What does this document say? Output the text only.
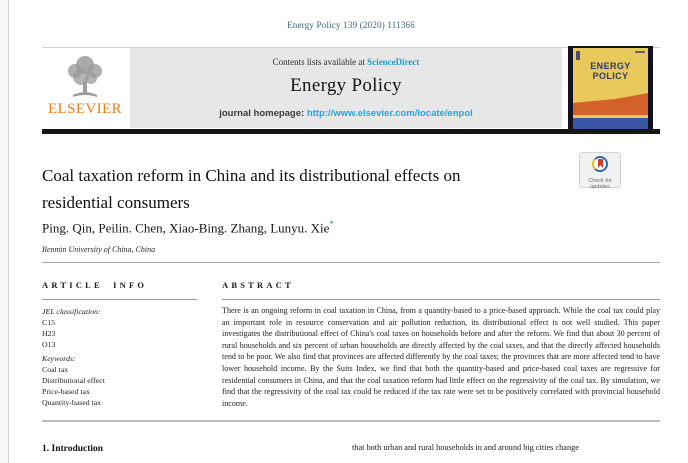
Energy Policy 139 (2020) 111366
ELSEVIER
Contents lists available at ScienceDirect
Energy Policy
journal homepage: http://www.elsevier.com/locate/enpol
ENERGY
POLICY
Coal taxation reform in China and its distributional effects on
residential consumers
Check for updates
Ping. Qin, Peilin. Chen, Xiao-Bing. Zhang, Lunyu. Xie*
Renmin University of China, China
ARTICLE INFO
JEL classification:
C15
H23
O13
Keywords:
Coal tax
Distributional effect
Price-based tax
Quantity-based tax
ABSTRACT
There is an ongoing reform in coal taxation in China, from a quantity-based to a price-based approach. While the coal tax could play an important role in resource conservation and air pollution reduction, its distributional effect is not well studied. This paper investigates the distributional effect of China's coal taxes on households before and after the reform. We find that about 30 percent of rural households and six percent of urban households are directly affected by the coal taxes, and that the directly affected households tend to be poor. We also find that provinces are affected differently by the coal taxes; the provinces that are more affected tend to have lower household income. By the Suits Index, we find that both the quantity-based and price-based coal taxes are regressive for residential consumers in China, and that the coal taxation reform had little effect on the regressivity of the coal tax. By simulation, we find that the regressivity of the coal tax could be reduced if the tax rate were set to be positively correlated with provincial household income.
1. Introduction	that both urban and rural households in and around big cities change
